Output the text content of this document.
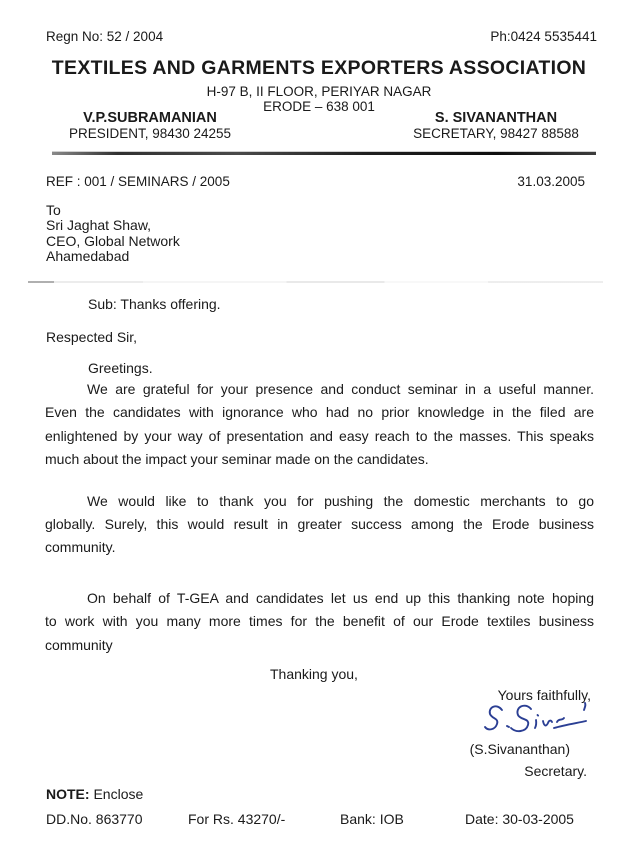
Regn No: 52 / 2004	Ph:0424 5535441
TEXTILES AND GARMENTS EXPORTERS ASSOCIATION
H-97 B, II FLOOR, PERIYAR NAGAR
ERODE – 638 001
V.P.SUBRAMANIAN
PRESIDENT, 98430 24255
S. SIVANANTHAN
SECRETARY, 98427 88588
REF : 001 / SEMINARS / 2005	31.03.2005
To
Sri Jaghat Shaw,
CEO, Global Network
Ahamedabad
Sub: Thanks offering.
Respected Sir,
Greetings.
We are grateful for your presence and conduct seminar in a useful manner.
Even the candidates with ignorance who had no prior knowledge in the filed are
enlightened by your way of presentation and easy reach to the masses. This speaks
much about the impact your seminar made on the candidates.
We would like to thank you for pushing the domestic merchants to go
globally. Surely, this would result in greater success among the Erode business
community.
On behalf of T-GEA and candidates let us end up this thanking note hoping
to work with you many more times for the benefit of our Erode textiles business
community
Thanking you,
Yours faithfully,
(S.Sivananthan)
Secretary.
NOTE: Enclose
DD.No. 863770	For Rs. 43270/-	Bank: IOB	Date: 30-03-2005
